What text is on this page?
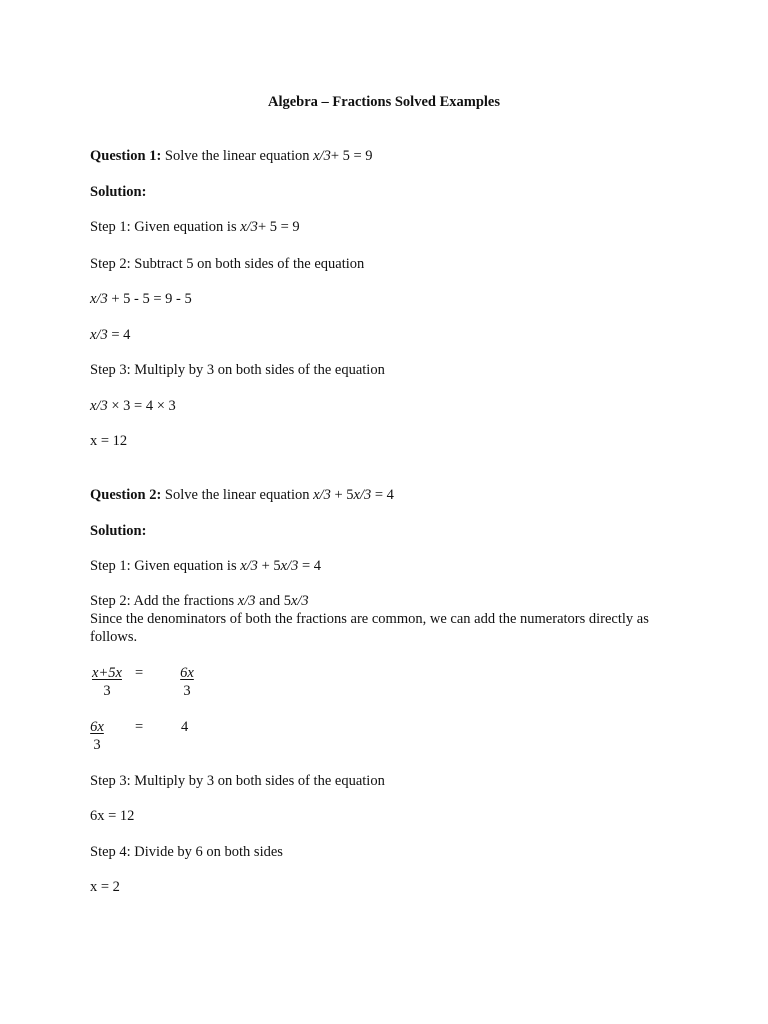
Algebra – Fractions Solved Examples
Question 1: Solve the linear equation x/3+ 5 = 9
Solution:
Step 1: Given equation is x/3+ 5 = 9
Step 2: Subtract 5 on both sides of the equation
x/3 + 5 - 5 = 9 - 5
x/3 = 4
Step 3: Multiply by 3 on both sides of the equation
x/3 × 3 = 4 × 3
x = 12
Question 2: Solve the linear equation x/3 + 5x/3 = 4
Solution:
Step 1: Given equation is x/3 + 5x/3 = 4
Step 2: Add the fractions x/3 and 5x/3
Since the denominators of both the fractions are common, we can add the numerators directly as follows.
$\frac{x+5x}{3} = \frac{6x}{3}$
$\frac{6x}{3}$ =	4
Step 3: Multiply by 3 on both sides of the equation
6x = 12
Step 4: Divide by 6 on both sides
x = 2
